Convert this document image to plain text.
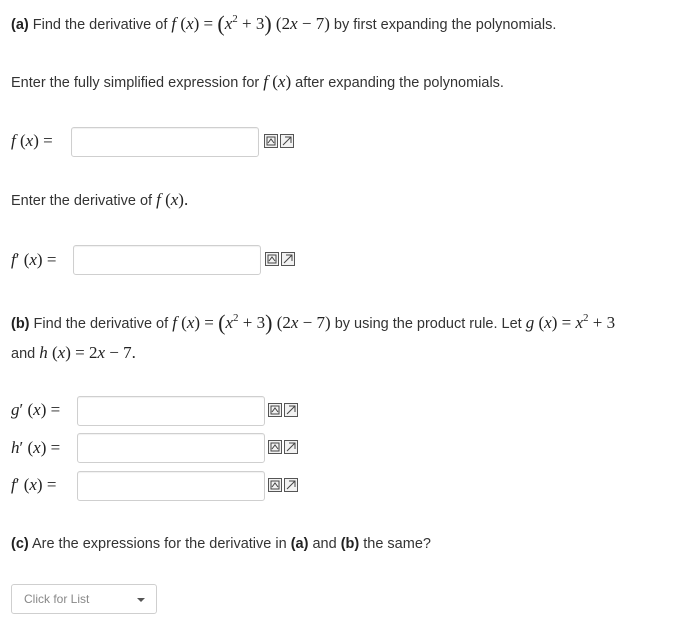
(a) Find the derivative of f $(x) = (x^2 + 3) (2x - 7)$ by first expanding the polynomials.
Enter the fully simplified expression for f (x) after expanding the polynomials.
f (x) =
Enter the derivative of f (x).
f′ (x) =
(b) Find the derivative of f $(x) = (x^2 + 3) (2x - 7)$ by using the product rule. Let g $(x) = x^2 + 3$
and h (x) = 2x − 7.
g′ (x) =
h′ (x) =
f′ (x) =
(c) Are the expressions for the derivative in (a) and (b) the same?
Click for List
